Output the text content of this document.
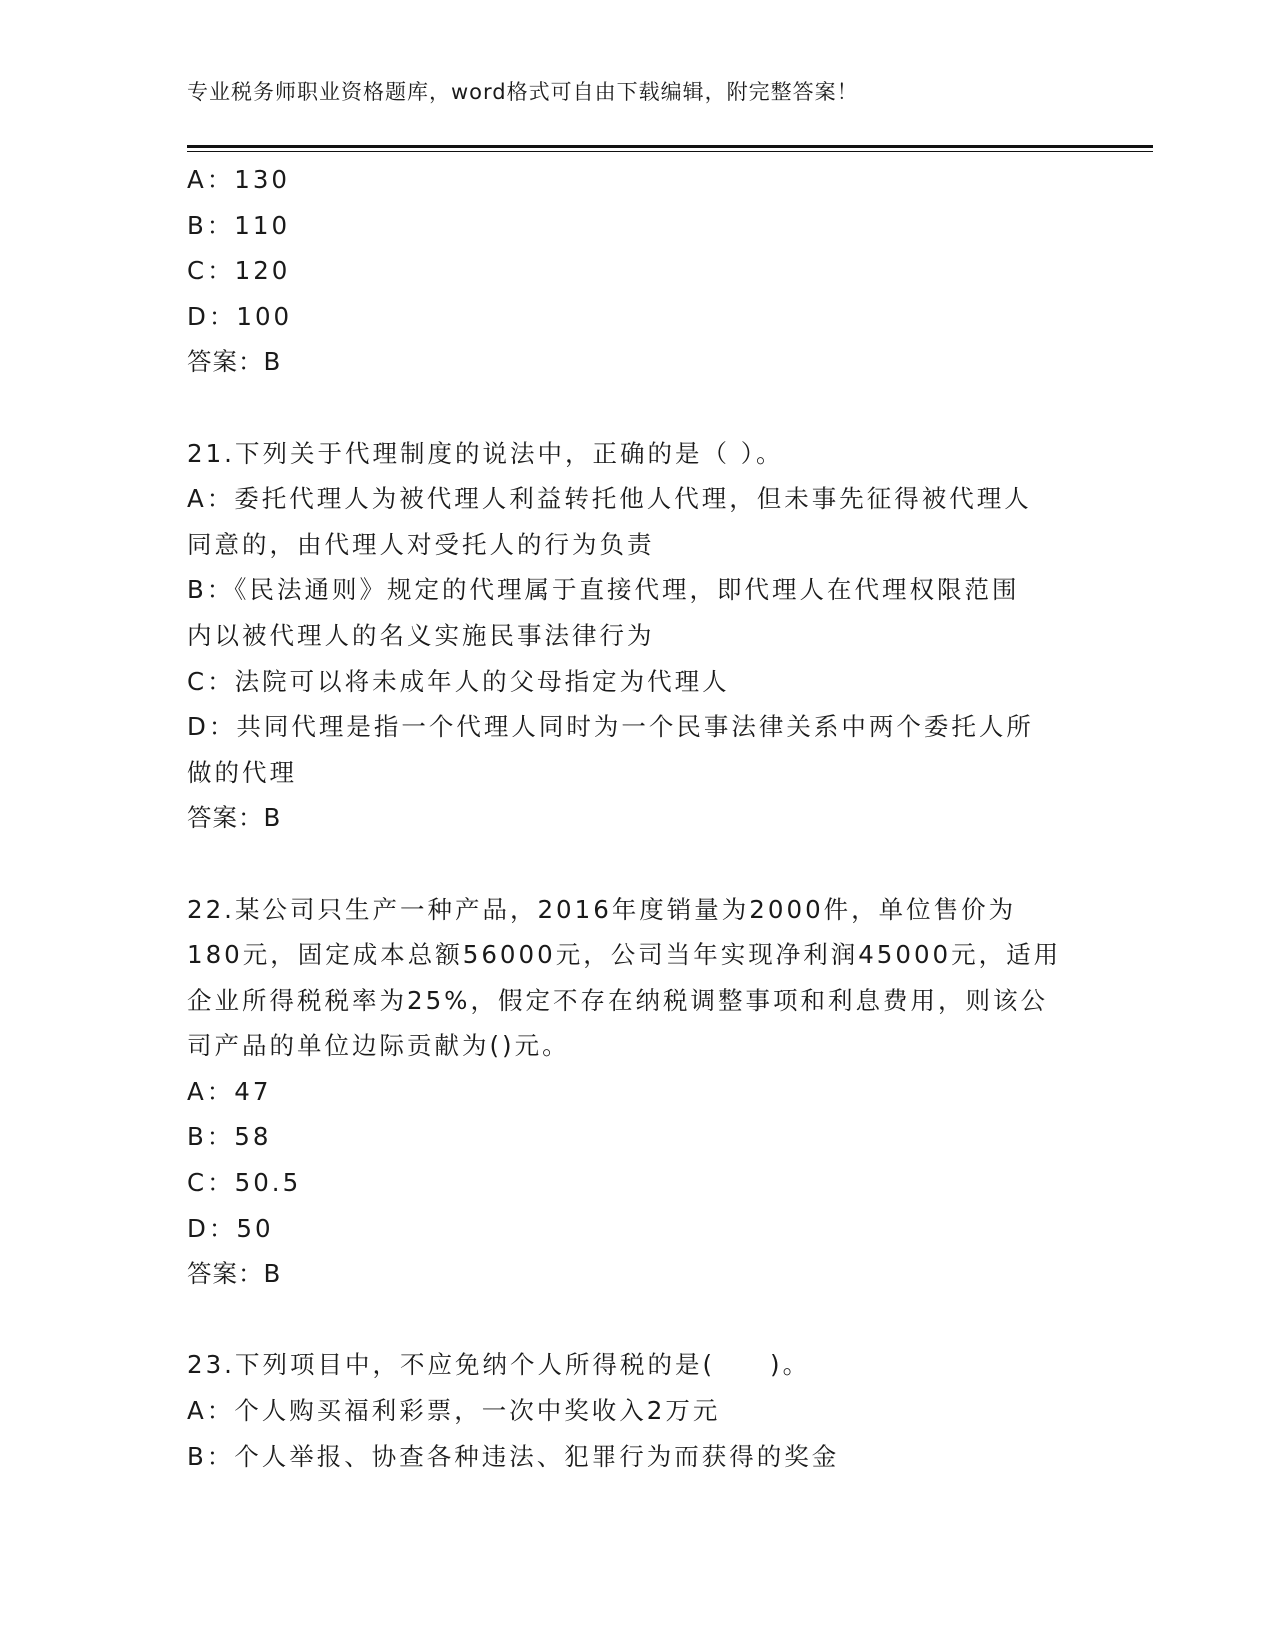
专业税务师职业资格题库，word格式可自由下载编辑，附完整答案！
A：130
B：110
C：120
D：100
答案：B
21.下列关于代理制度的说法中，正确的是（ ）。
A：委托代理人为被代理人利益转托他人代理，但未事先征得被代理人
同意的，由代理人对受托人的行为负责
B：《民法通则》规定的代理属于直接代理，即代理人在代理权限范围
内以被代理人的名义实施民事法律行为
C：法院可以将未成年人的父母指定为代理人
D：共同代理是指一个代理人同时为一个民事法律关系中两个委托人所
做的代理
答案：B
22.某公司只生产一种产品，2016年度销量为2000件，单位售价为
180元，固定成本总额56000元，公司当年实现净利润45000元，适用
企业所得税税率为25%，假定不存在纳税调整事项和利息费用，则该公
司产品的单位边际贡献为()元。
A：47
B：58
C：50.5
D：50
答案：B
23.下列项目中，不应免纳个人所得税的是(　　)。
A：个人购买福利彩票，一次中奖收入2万元
B：个人举报、协查各种违法、犯罪行为而获得的奖金
